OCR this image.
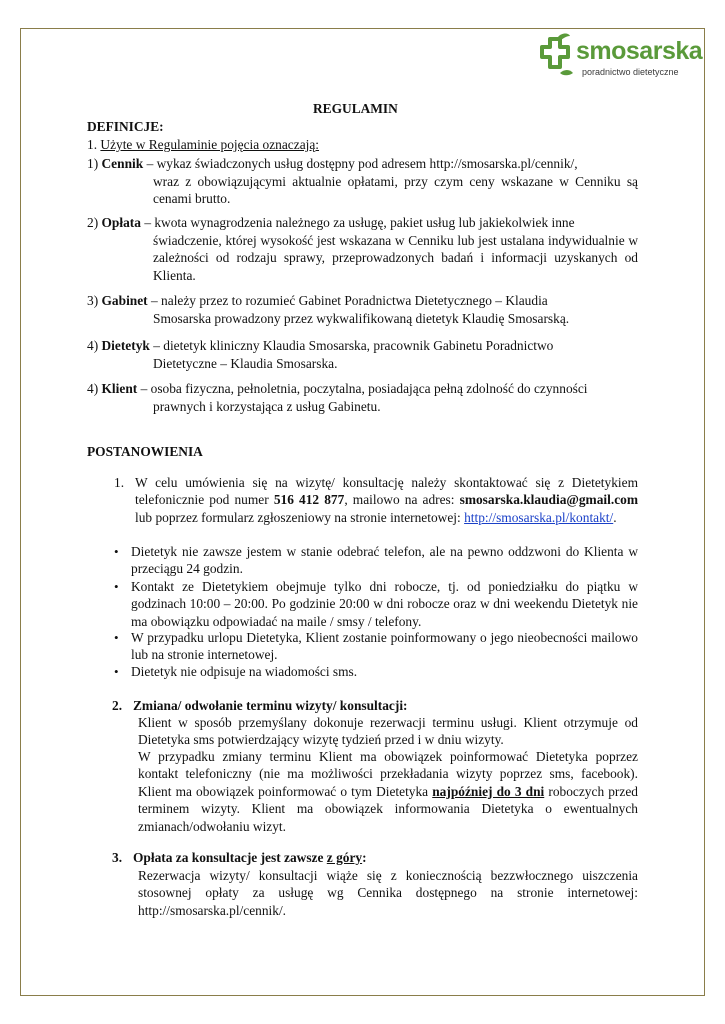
smosarska
poradnictwo dietetyczne
REGULAMIN
DEFINICJE:
1. Użyte w Regulaminie pojęcia oznaczają:
1) Cennik – wykaz świadczonych usług dostępny pod adresem http://smosarska.pl/cennik/,
wraz z obowiązującymi aktualnie opłatami, przy czym ceny wskazane w Cenniku są cenami brutto.
2) Opłata – kwota wynagrodzenia należnego za usługę, pakiet usług lub jakiekolwiek inne
świadczenie, której wysokość jest wskazana w Cenniku lub jest ustalana indywidualnie w zależności od rodzaju sprawy, przeprowadzonych badań i informacji uzyskanych od Klienta.
3) Gabinet – należy przez to rozumieć Gabinet Poradnictwa Dietetycznego – Klaudia
Smosarska prowadzony przez wykwalifikowaną dietetyk Klaudię Smosarską.
4) Dietetyk – dietetyk kliniczny Klaudia Smosarska, pracownik Gabinetu Poradnictwo
Dietetyczne – Klaudia Smosarska.
4) Klient – osoba fizyczna, pełnoletnia, poczytalna, posiadająca pełną zdolność do czynności
prawnych i korzystająca z usług Gabinetu.
POSTANOWIENIA
1. W celu umówienia się na wizytę/ konsultację należy skontaktować się z Dietetykiem telefonicznie pod numer 516 412 877, mailowo na adres: smosarska.klaudia@gmail.com lub poprzez formularz zgłoszeniowy na stronie internetowej: http://smosarska.pl/kontakt/.
• Dietetyk nie zawsze jestem w stanie odebrać telefon, ale na pewno oddzwoni do Klienta w przeciągu 24 godzin.
• Kontakt ze Dietetykiem obejmuje tylko dni robocze, tj. od poniedziałku do piątku w godzinach 10:00 – 20:00. Po godzinie 20:00 w dni robocze oraz w dni weekendu Dietetyk nie ma obowiązku odpowiadać na maile / smsy / telefony.
• W przypadku urlopu Dietetyka, Klient zostanie poinformowany o jego nieobecności mailowo lub na stronie internetowej.
• Dietetyk nie odpisuje na wiadomości sms.
2. Zmiana/ odwołanie terminu wizyty/ konsultacji:
Klient w sposób przemyślany dokonuje rezerwacji terminu usługi. Klient otrzymuje od Dietetyka sms potwierdzający wizytę tydzień przed i w dniu wizyty.
W przypadku zmiany terminu Klient ma obowiązek poinformować Dietetyka poprzez kontakt telefoniczny (nie ma możliwości przekładania wizyty poprzez sms, facebook). Klient ma obowiązek poinformować o tym Dietetyka najpóźniej do 3 dni roboczych przed terminem wizyty. Klient ma obowiązek informowania Dietetyka o ewentualnych zmianach/odwołaniu wizyt.
3. Opłata za konsultacje jest zawsze z góry:
Rezerwacja wizyty/ konsultacji wiąże się z koniecznością bezzwłocznego uiszczenia stosownej opłaty za usługę wg Cennika dostępnego na stronie internetowej: http://smosarska.pl/cennik/.
